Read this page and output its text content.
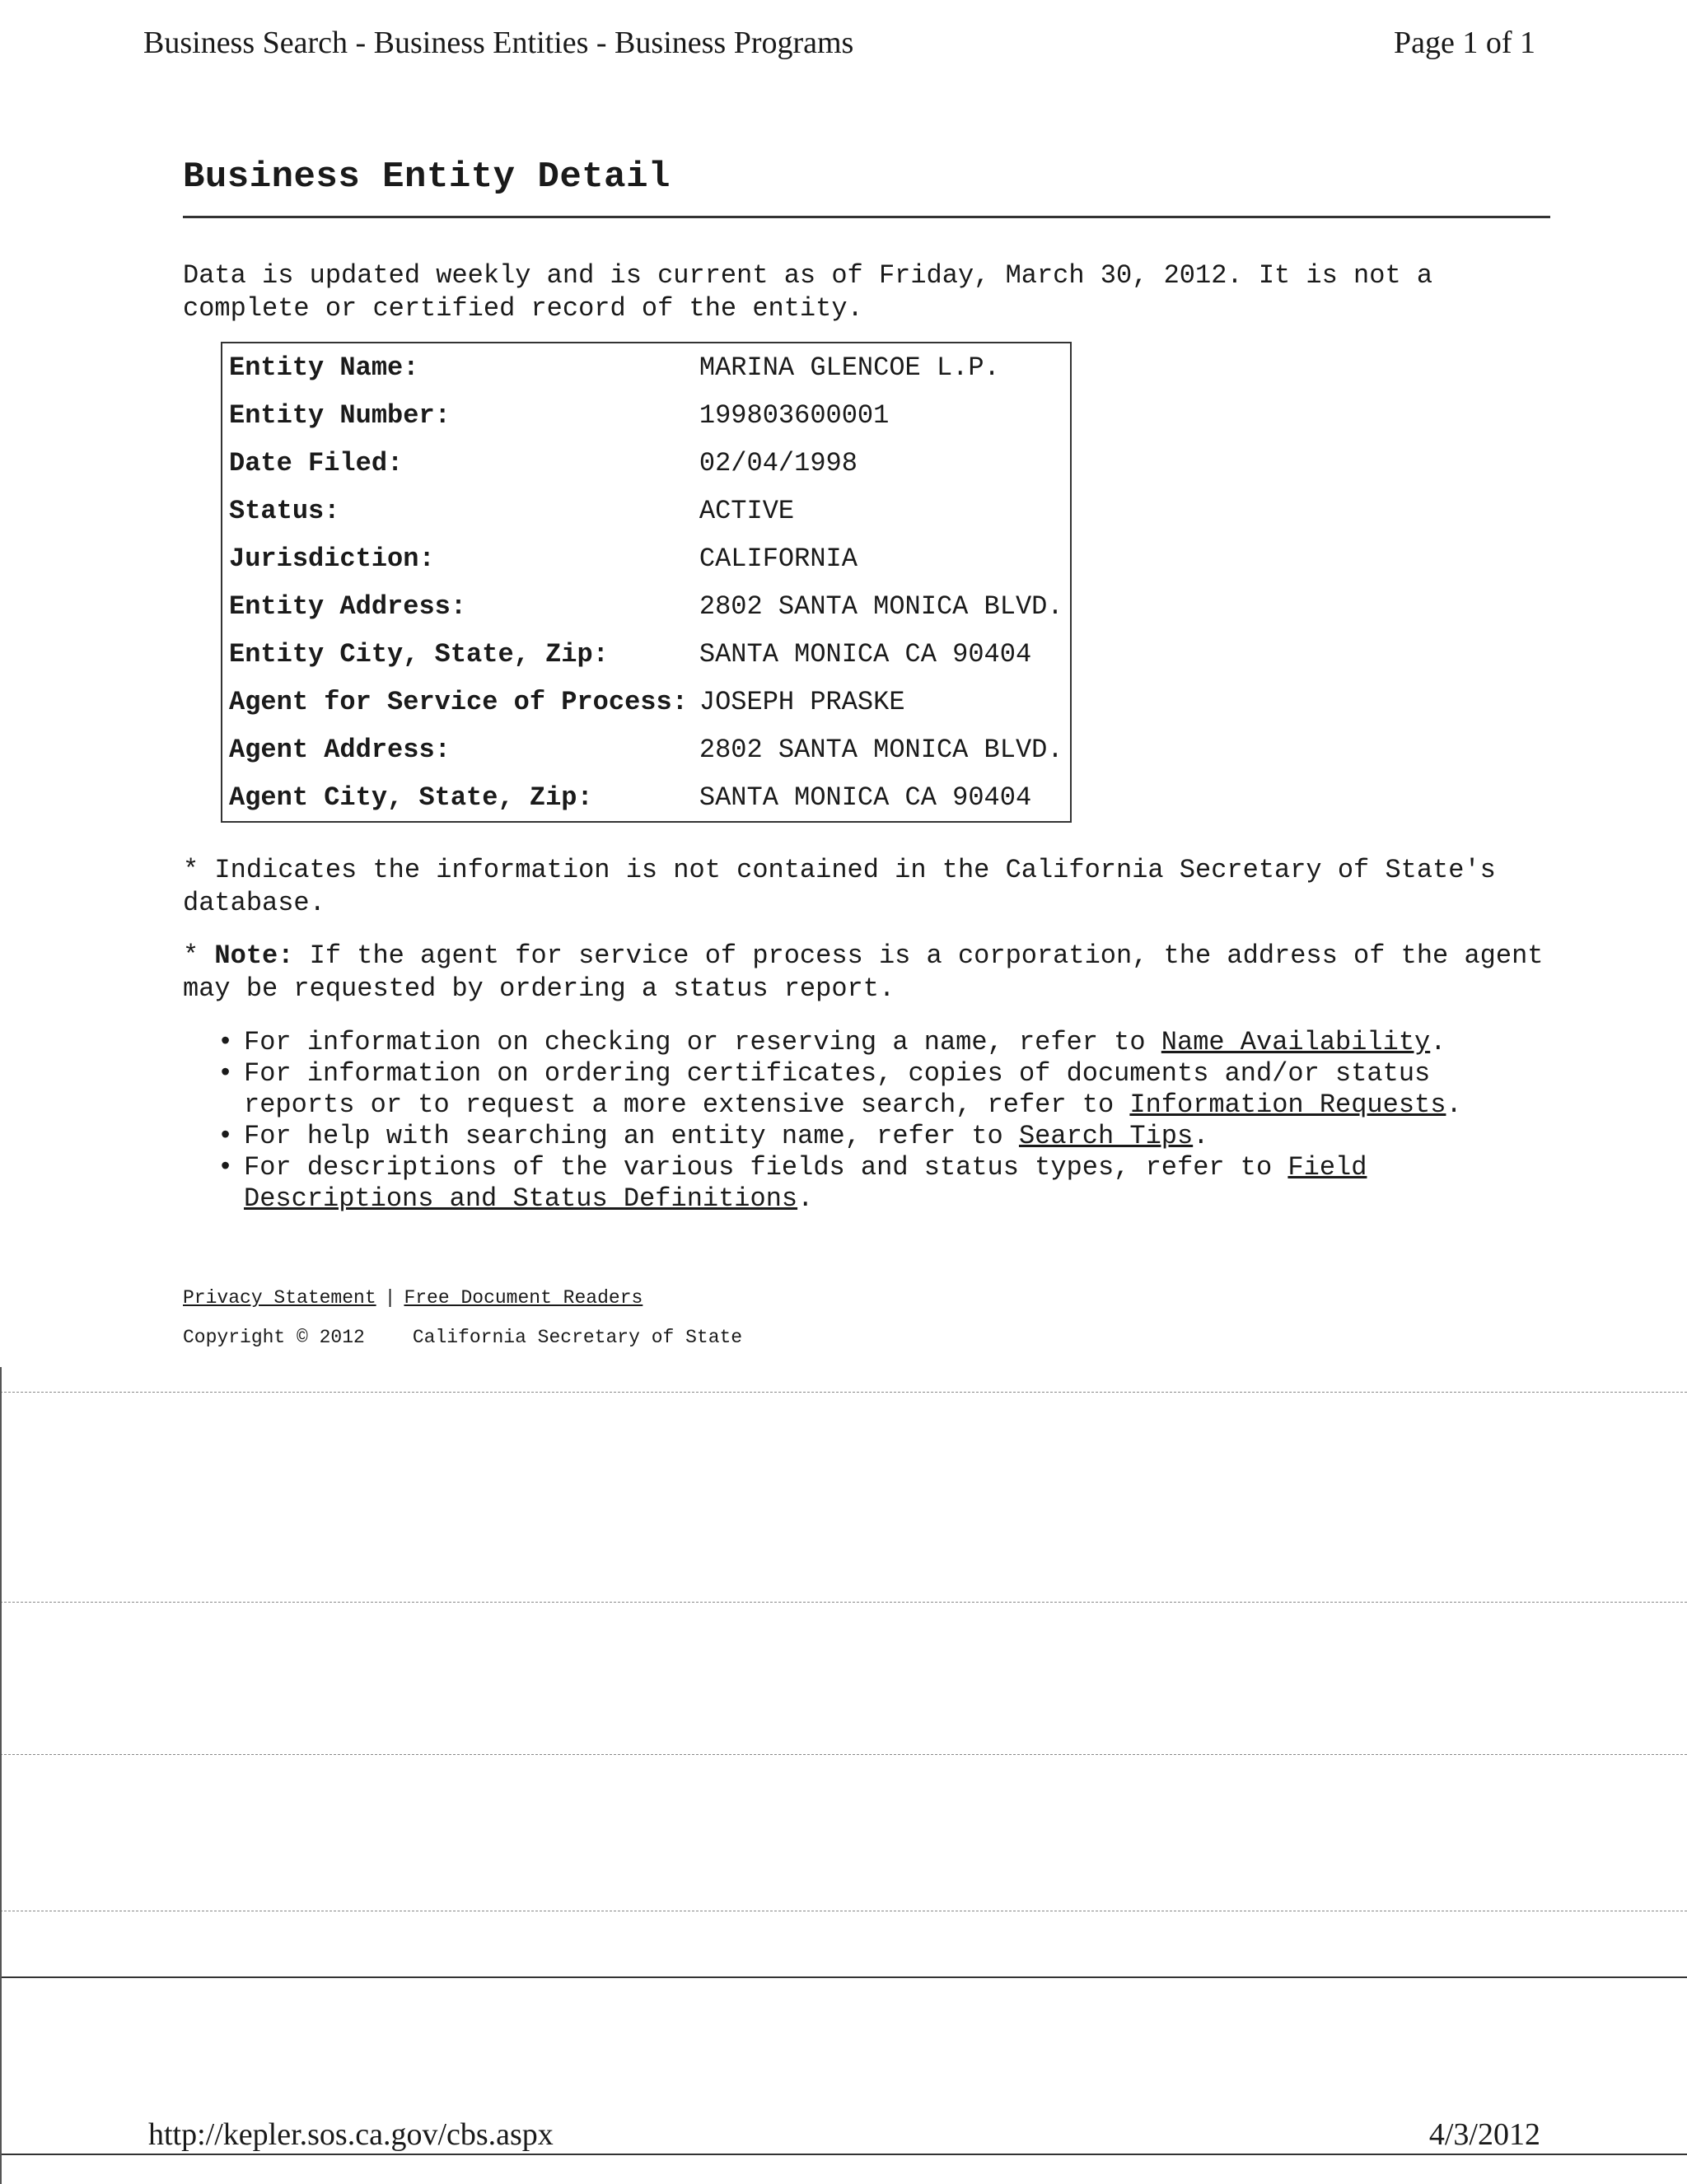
Business Search - Business Entities - Business Programs	Page 1 of 1
Business Entity Detail

Data is updated weekly and is current as of Friday, March 30, 2012. It is not a complete or certified record of the entity.

Entity Name:	MARINA GLENCOE L.P.
Entity Number:	199803600001
Date Filed:	02/04/1998
Status:	ACTIVE
Jurisdiction:	CALIFORNIA
Entity Address:	2802 SANTA MONICA BLVD.
Entity City, State, Zip:	SANTA MONICA CA 90404
Agent for Service of Process:	JOSEPH PRASKE
Agent Address:	2802 SANTA MONICA BLVD.
Agent City, State, Zip:	SANTA MONICA CA 90404

* Indicates the information is not contained in the California Secretary of State's database.

* Note: If the agent for service of process is a corporation, the address of the agent may be requested by ordering a status report.

• For information on checking or reserving a name, refer to Name Availability.
• For information on ordering certificates, copies of documents and/or status reports or to request a more extensive search, refer to Information Requests.
• For help with searching an entity name, refer to Search Tips.
• For descriptions of the various fields and status types, refer to Field Descriptions and Status Definitions.
Privacy Statement | Free Document Readers
Copyright © 2012	California Secretary of State
http://kepler.sos.ca.gov/cbs.aspx	4/3/2012
